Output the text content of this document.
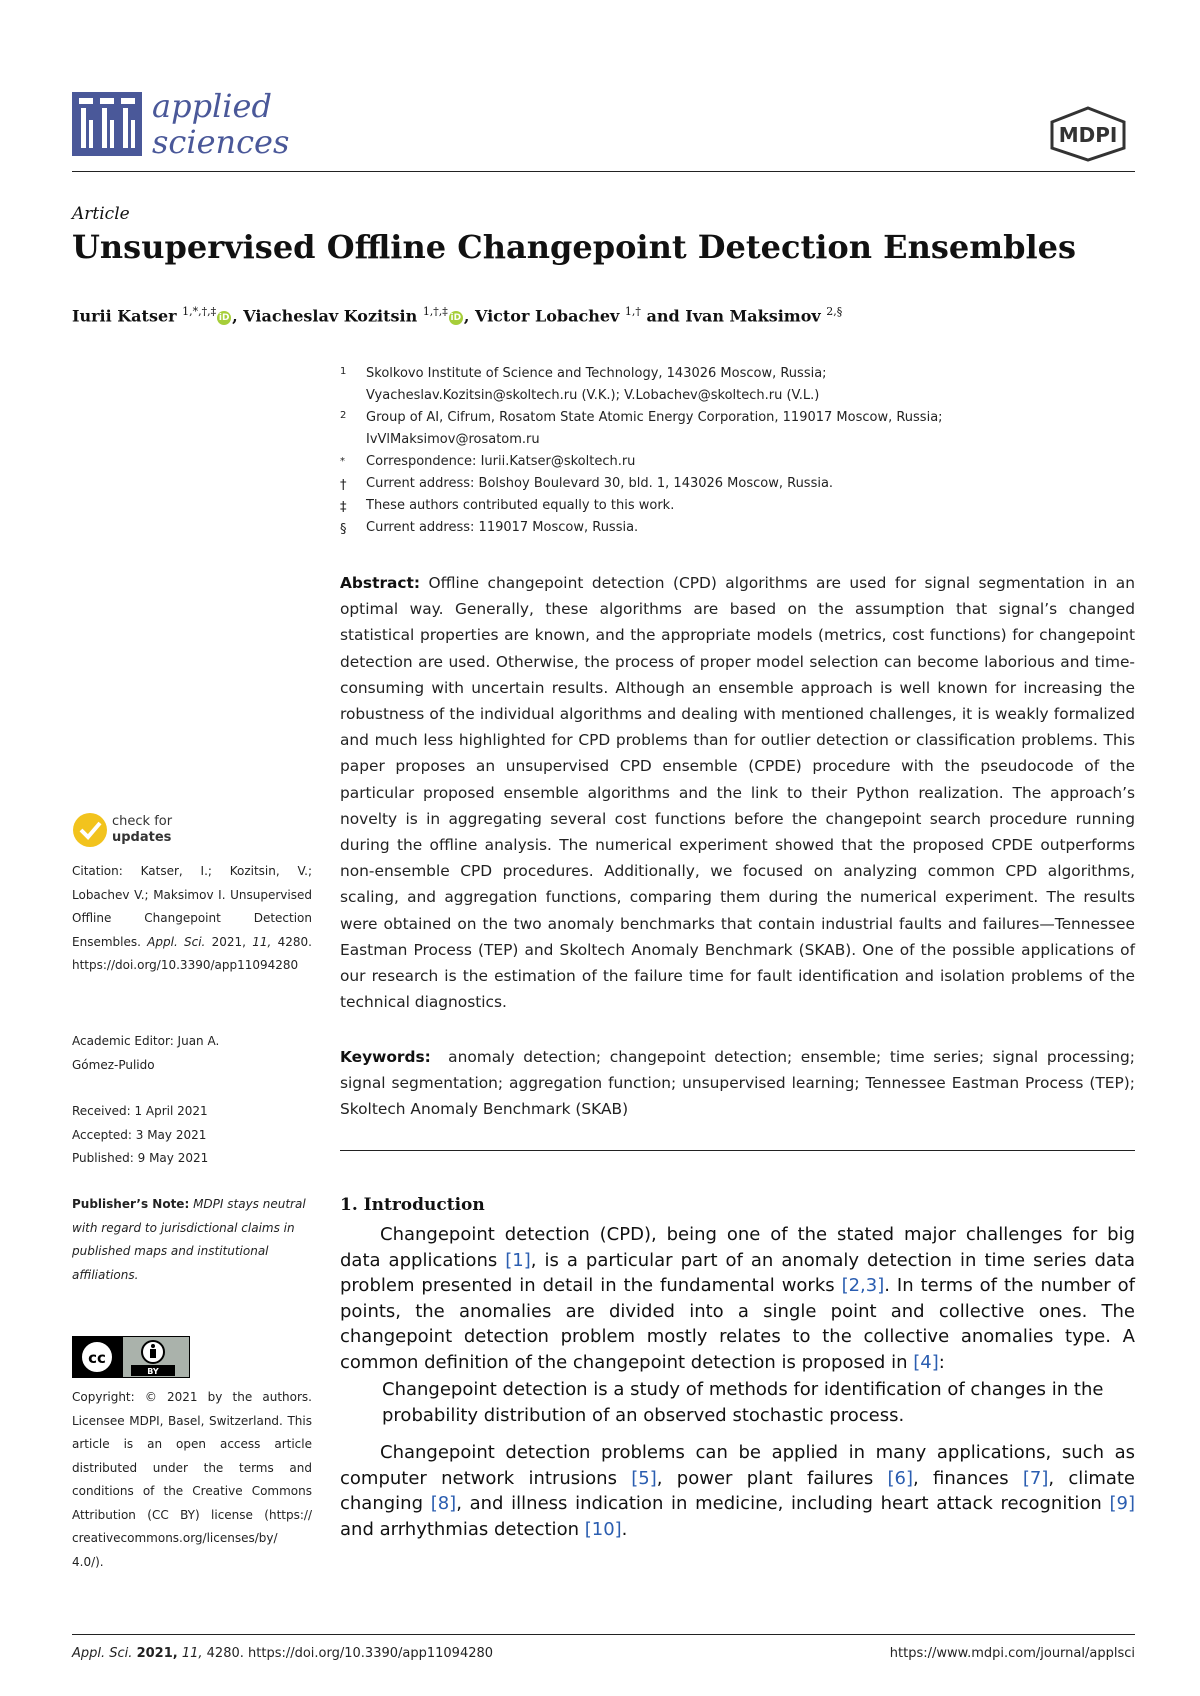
applied
sciences	MDPI
Article
Unsupervised Offline Changepoint Detection Ensembles
Iurii Katser $^{1,*,\dagger,\ddagger}$iD , Viacheslav Kozitsin $^{1,\dagger,\ddagger}$iD , Victor Lobachev $^{1,\dagger}$ and Ivan Maksimov $^{2,\S}$
1 Skolkovo Institute of Science and Technology, 143026 Moscow, Russia;
Vyacheslav.Kozitsin@skoltech.ru (V.K.); V.Lobachev@skoltech.ru (V.L.)
2 Group of AI, Cifrum, Rosatom State Atomic Energy Corporation, 119017 Moscow, Russia;
IvVlMaksimov@rosatom.ru
* Correspondence: Iurii.Katser@skoltech.ru
† Current address: Bolshoy Boulevard 30, bld. 1, 143026 Moscow, Russia.
‡ These authors contributed equally to this work.
§ Current address: 119017 Moscow, Russia.
Abstract: Offline changepoint detection (CPD) algorithms are used for signal segmentation in an optimal way. Generally, these algorithms are based on the assumption that signal’s changed statistical properties are known, and the appropriate models (metrics, cost functions) for changepoint detection are used. Otherwise, the process of proper model selection can become laborious and time-consuming with uncertain results. Although an ensemble approach is well known for increasing the robustness of the individual algorithms and dealing with mentioned challenges, it is weakly formalized and much less highlighted for CPD problems than for outlier detection or classification problems. This paper proposes an unsupervised CPD ensemble (CPDE) procedure with the pseudocode of the particular proposed ensemble algorithms and the link to their Python realization. The approach’s novelty is in aggregating several cost functions before the changepoint search procedure running during the offline analysis. The numerical experiment showed that the proposed CPDE outperforms non-ensemble CPD procedures. Additionally, we focused on analyzing common CPD algorithms, scaling, and aggregation functions, comparing them during the numerical experiment. The results were obtained on the two anomaly benchmarks that contain industrial faults and failures—Tennessee Eastman Process (TEP) and Skoltech Anomaly Benchmark (SKAB). One of the possible applications of our research is the estimation of the failure time for fault identification and isolation problems of the technical diagnostics.
Keywords: anomaly detection; changepoint detection; ensemble; time series; signal processing; signal segmentation; aggregation function; unsupervised learning; Tennessee Eastman Process (TEP); Skoltech Anomaly Benchmark (SKAB)
check for
updates
Citation: Katser, I.; Kozitsin, V.; Lobachev V.; Maksimov I. Unsupervised Offline Changepoint Detection Ensembles. Appl. Sci. 2021, 11, 4280. https://doi.org/10.3390/app11094280
Academic Editor: Juan A. Gómez-Pulido
Received: 1 April 2021
Accepted: 3 May 2021
Published: 9 May 2021
Publisher’s Note: MDPI stays neutral with regard to jurisdictional claims in published maps and institutional affiliations.
cc
BY
Copyright: © 2021 by the authors. Licensee MDPI, Basel, Switzerland. This article is an open access article distributed under the terms and conditions of the Creative Commons Attribution (CC BY) license (https:// creativecommons.org/licenses/by/ 4.0/).
1. Introduction
Changepoint detection (CPD), being one of the stated major challenges for big data applications [1], is a particular part of an anomaly detection in time series data problem presented in detail in the fundamental works [2,3]. In terms of the number of points, the anomalies are divided into a single point and collective ones. The changepoint detection problem mostly relates to the collective anomalies type. A common definition of the changepoint detection is proposed in [4]:
Changepoint detection is a study of methods for identification of changes in the probability distribution of an observed stochastic process.
Changepoint detection problems can be applied in many applications, such as computer network intrusions [5], power plant failures [6], finances [7], climate changing [8], and illness indication in medicine, including heart attack recognition [9] and arrhythmias detection [10].
Appl. Sci. 2021, 11, 4280. https://doi.org/10.3390/app11094280	https://www.mdpi.com/journal/applsci
